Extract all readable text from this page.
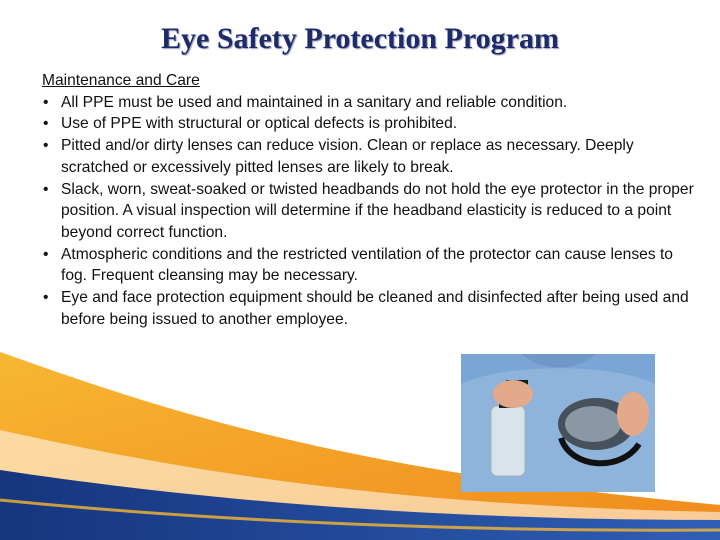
Eye Safety Protection Program
Maintenance and Care
• All PPE must be used and maintained in a sanitary and reliable condition.
• Use of PPE with structural or optical defects is prohibited.
• Pitted and/or dirty lenses can reduce vision. Clean or replace as necessary. Deeply scratched or excessively pitted lenses are likely to break.
• Slack, worn, sweat-soaked or twisted headbands do not hold the eye protector in the proper position. A visual inspection will determine if the headband elasticity is reduced to a point beyond correct function.
• Atmospheric conditions and the restricted ventilation of the protector can cause lenses to fog. Frequent cleansing may be necessary.
• Eye and face protection equipment should be cleaned and disinfected after being used and before being issued to another employee.
